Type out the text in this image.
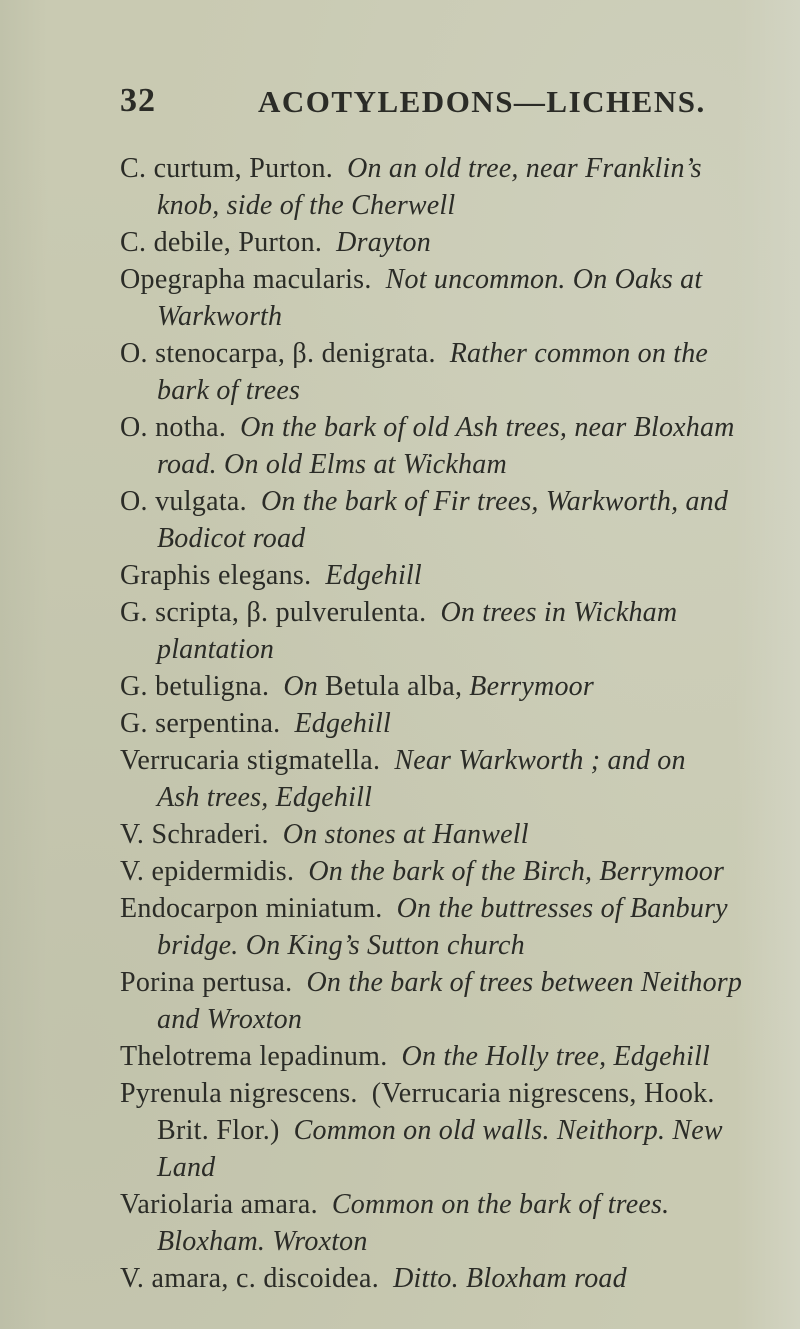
32	ACOTYLEDONS—LICHENS.
C. curtum, Purton. On an old tree, near Franklin’s
knob, side of the Cherwell
C. debile, Purton. Drayton
Opegrapha macularis. Not uncommon. On Oaks at
Warkworth
O. stenocarpa, β. denigrata. Rather common on the
bark of trees
O. notha. On the bark of old Ash trees, near Bloxham
road. On old Elms at Wickham
O. vulgata. On the bark of Fir trees, Warkworth, and
Bodicot road
Graphis elegans. Edgehill
G. scripta, β. pulverulenta. On trees in Wickham
plantation
G. betuligna. On Betula alba, Berrymoor
G. serpentina. Edgehill
Verrucaria stigmatella. Near Warkworth ; and on
Ash trees, Edgehill
V. Schraderi. On stones at Hanwell
V. epidermidis. On the bark of the Birch, Berrymoor
Endocarpon miniatum. On the buttresses of Banbury
bridge. On King’s Sutton church
Porina pertusa. On the bark of trees between Neithorp
and Wroxton
Thelotrema lepadinum. On the Holly tree, Edgehill
Pyrenula nigrescens. (Verrucaria nigrescens, Hook.
Brit. Flor.) Common on old walls. Neithorp. New
Land
Variolaria amara. Common on the bark of trees.
Bloxham. Wroxton
V. amara, c. discoidea. Ditto. Bloxham road
